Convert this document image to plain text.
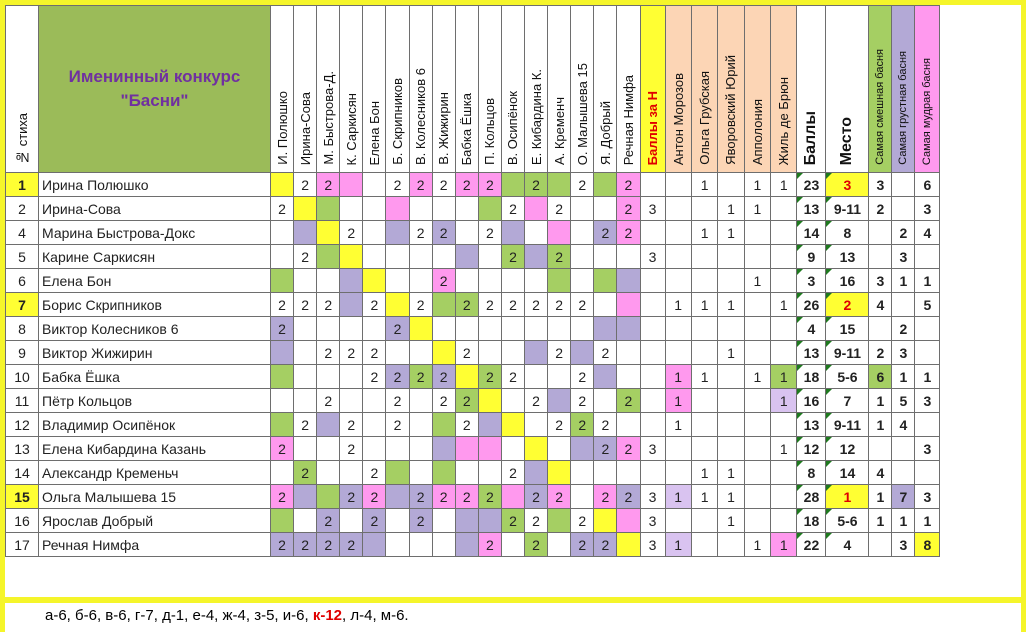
№ стиха	Именинный конкурс
"Басни"	И. Полюшко	Ирина-Сова	М. Быстрова-Д.	К. Саркисян	Елена Бон	Б. Скрипников	В. Колесников 6	В. Жижирин	Бабка Ёшка	П. Кольцов	В. Осипёнок	Е. Кибардина К.	А. Кременч	О. Малышева 15	Я. Добрый	Речная Нимфа	Баллы за Н	Антон Морозов	Ольга Грубская	Яворовский Юрий	Апполония	Жиль де Брюн	Баллы	Место	Самая смешная басня	Самая грустная басня	Самая мудрая басня
1	Ирина Полюшко		2	2			2	2	2	2	2		2		2		2			1		1	1	23	3	3		6
2	Ирина-Сова	2										2		2			2	3			1	1		13	9-11	2		3
4	Марина Быстрова-Докс				2			2	2		2					2	2			1	1			14	8		2	4
5	Карине Саркисян		2									2		2				3						9	13		3	
6	Елена Бон								2													1		3	16	3	1	1
7	Борис Скрипников	2	2	2		2		2		2	2	2	2	2	2				1	1	1		1	26	2	4		5
8	Виктор Колесников 6	2					2																	4	15		2	
9	Виктор Жижирин			2	2	2				2				2		2					1			13	9-11	2	3	
10	Бабка Ёшка					2	2	2	2		2	2			2				1	1		1	1	18	5-6	6	1	1
11	Пётр Кольцов			2			2		2	2			2		2		2		1				1	16	7	1	5	3
12	Владимир Осипёнок		2		2		2			2				2	2	2			1					13	9-11	1	4	
13	Елена Кибардина Казань	2			2											2	2	3					1	12	12			3
14	Александр Кременьч		2			2						2								1	1			8	14	4		
15	Ольга Малышева 15	2			2	2		2	2	2	2		2	2		2	2	3	1	1	1			28	1	1	7	3
16	Ярослав Добрый			2		2		2				2	2		2			3			1			18	5-6	1	1	1
17	Речная Нимфа	2	2	2	2						2		2		2	2		3	1			1	1	22	4		3	8
а-6, б-6, в-6, г-7, д-1, е-4, ж-4, з-5, и-6, к-12, л-4, м-6.
